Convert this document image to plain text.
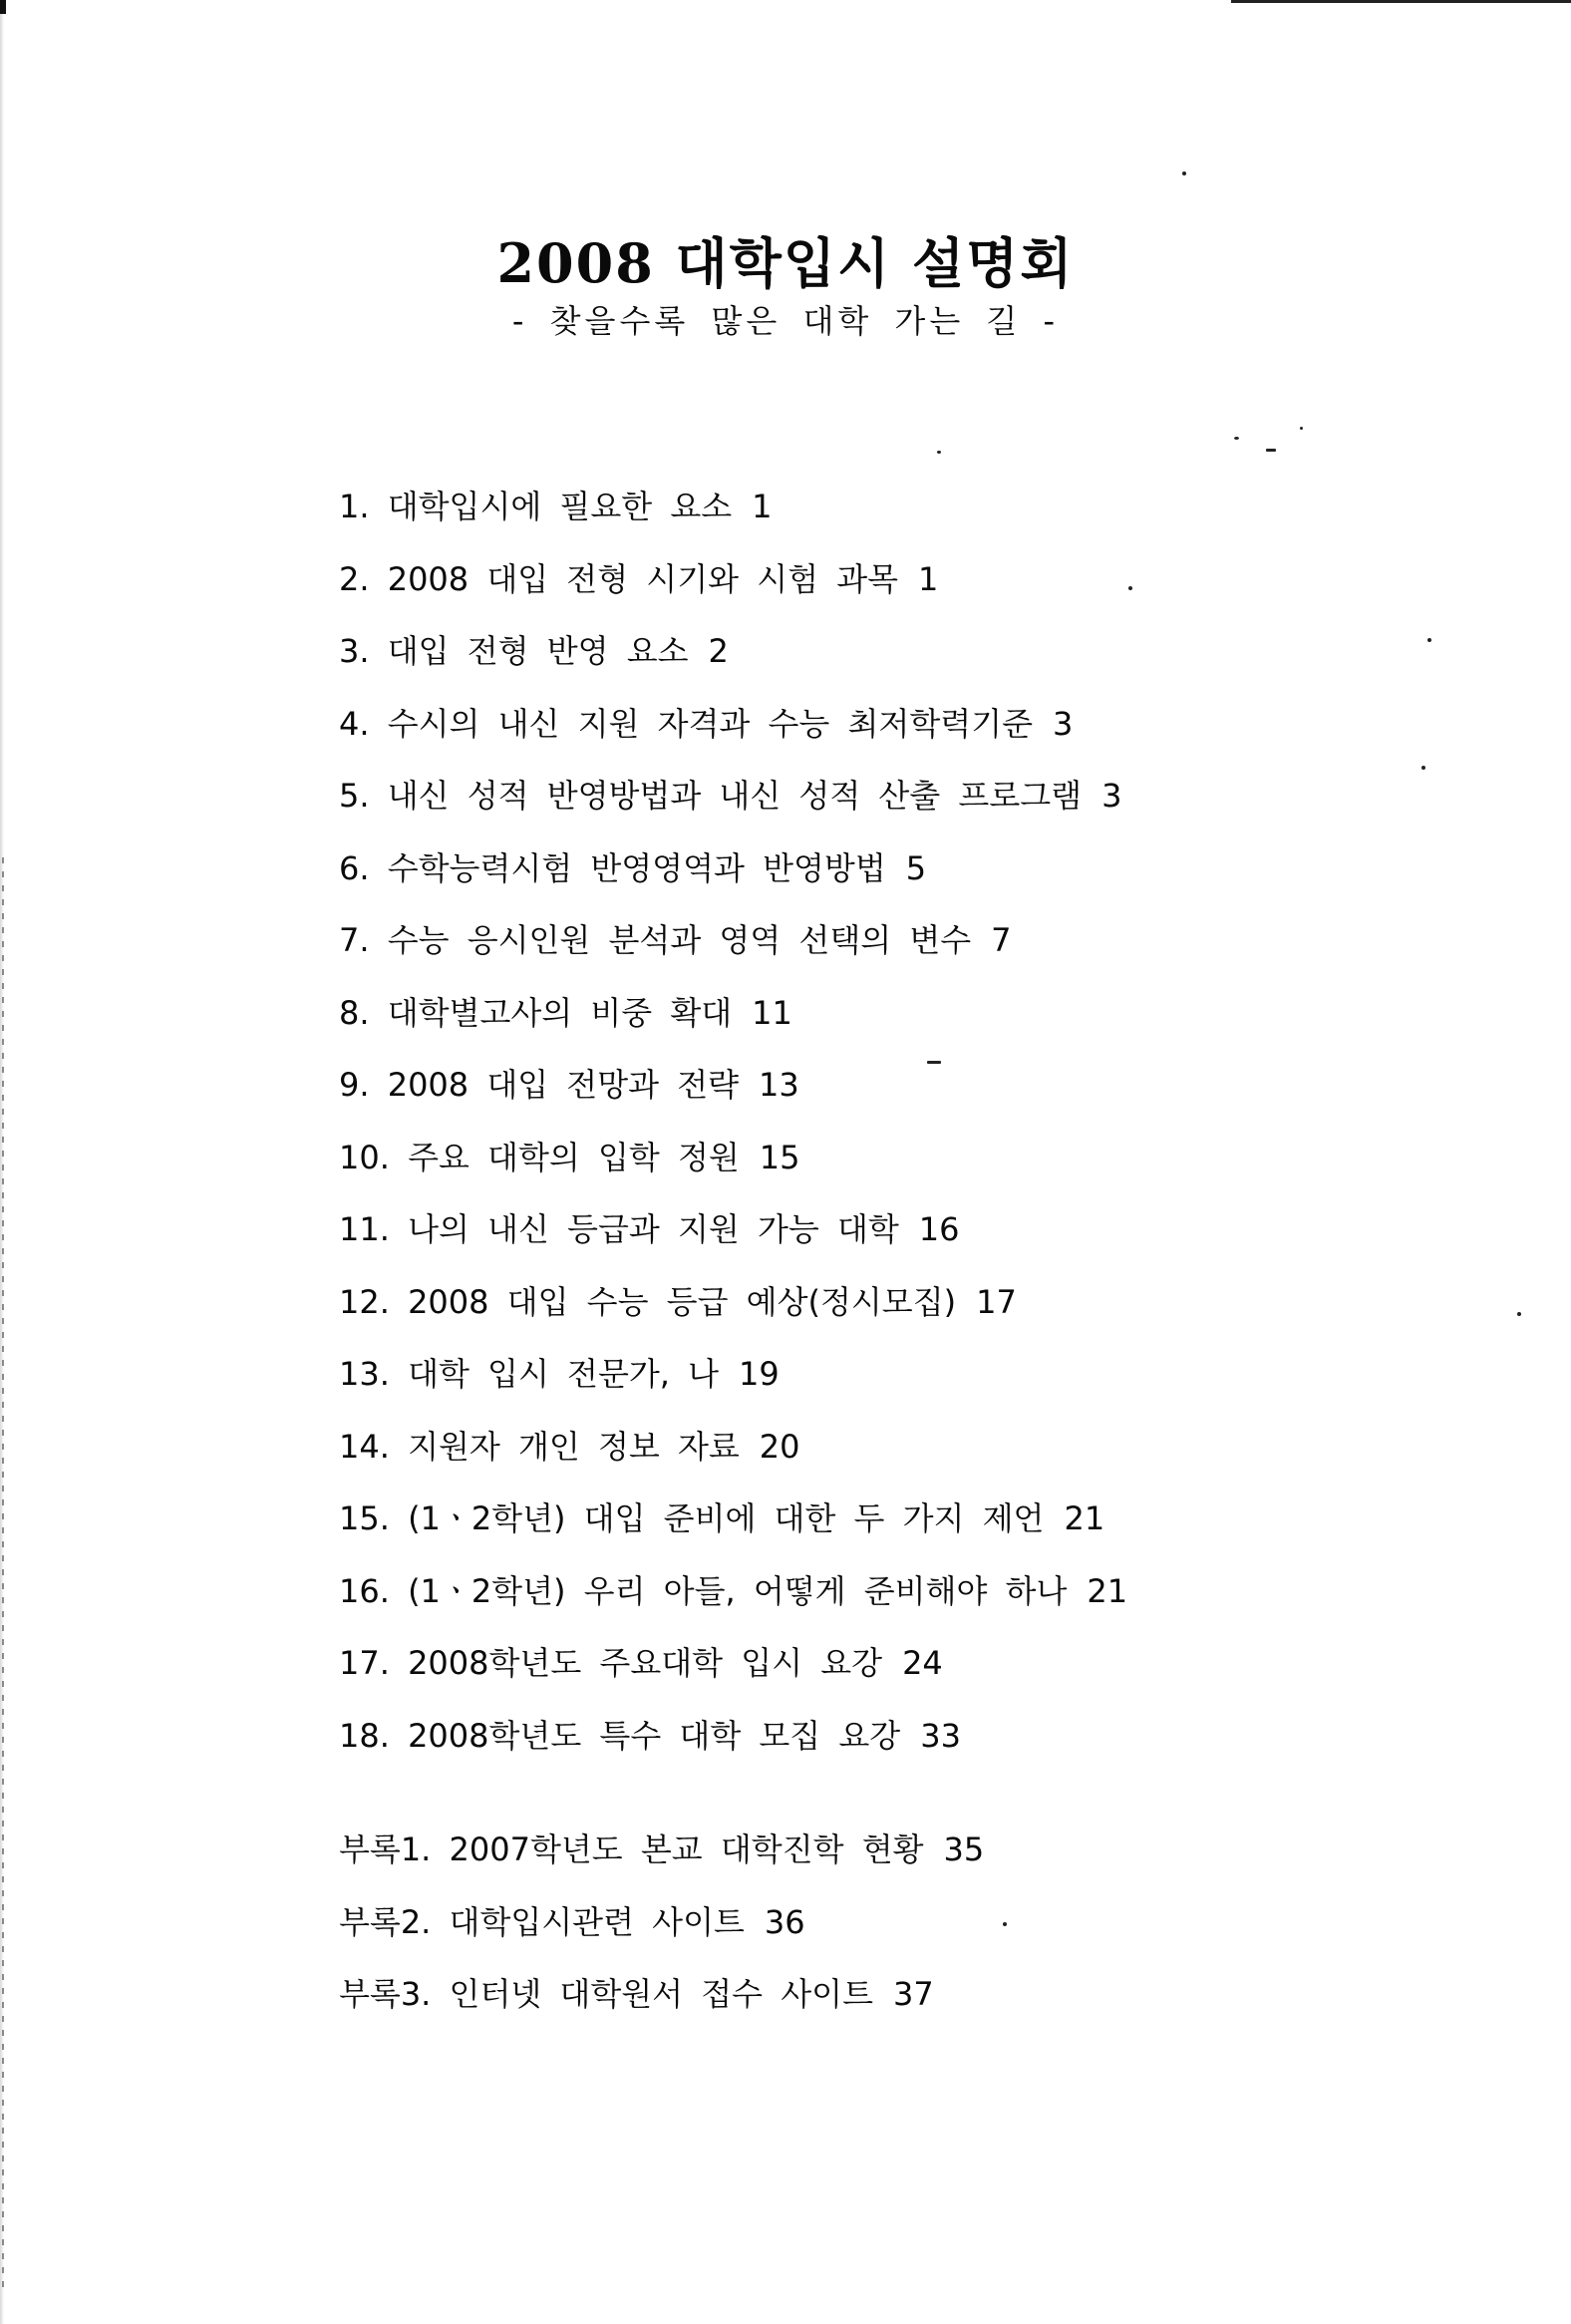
2008 대학입시 설명회
- 찾을수록 많은 대학 가는 길 -
1. 대학입시에 필요한 요소 1
2. 2008 대입 전형 시기와 시험 과목 1
3. 대입 전형 반영 요소 2
4. 수시의 내신 지원 자격과 수능 최저학력기준 3
5. 내신 성적 반영방법과 내신 성적 산출 프로그램 3
6. 수학능력시험 반영영역과 반영방법 5
7. 수능 응시인원 분석과 영역 선택의 변수 7
8. 대학별고사의 비중 확대 11
9. 2008 대입 전망과 전략 13
10. 주요 대학의 입학 정원 15
11. 나의 내신 등급과 지원 가능 대학 16
12. 2008 대입 수능 등급 예상(정시모집) 17
13. 대학 입시 전문가, 나 19
14. 지원자 개인 정보 자료 20
15. (1ㆍ2학년) 대입 준비에 대한 두 가지 제언 21
16. (1ㆍ2학년) 우리 아들, 어떻게 준비해야 하나 21
17. 2008학년도 주요대학 입시 요강 24
18. 2008학년도 특수 대학 모집 요강 33
부록1. 2007학년도 본교 대학진학 현황 35
부록2. 대학입시관련 사이트 36
부록3. 인터넷 대학원서 접수 사이트 37
